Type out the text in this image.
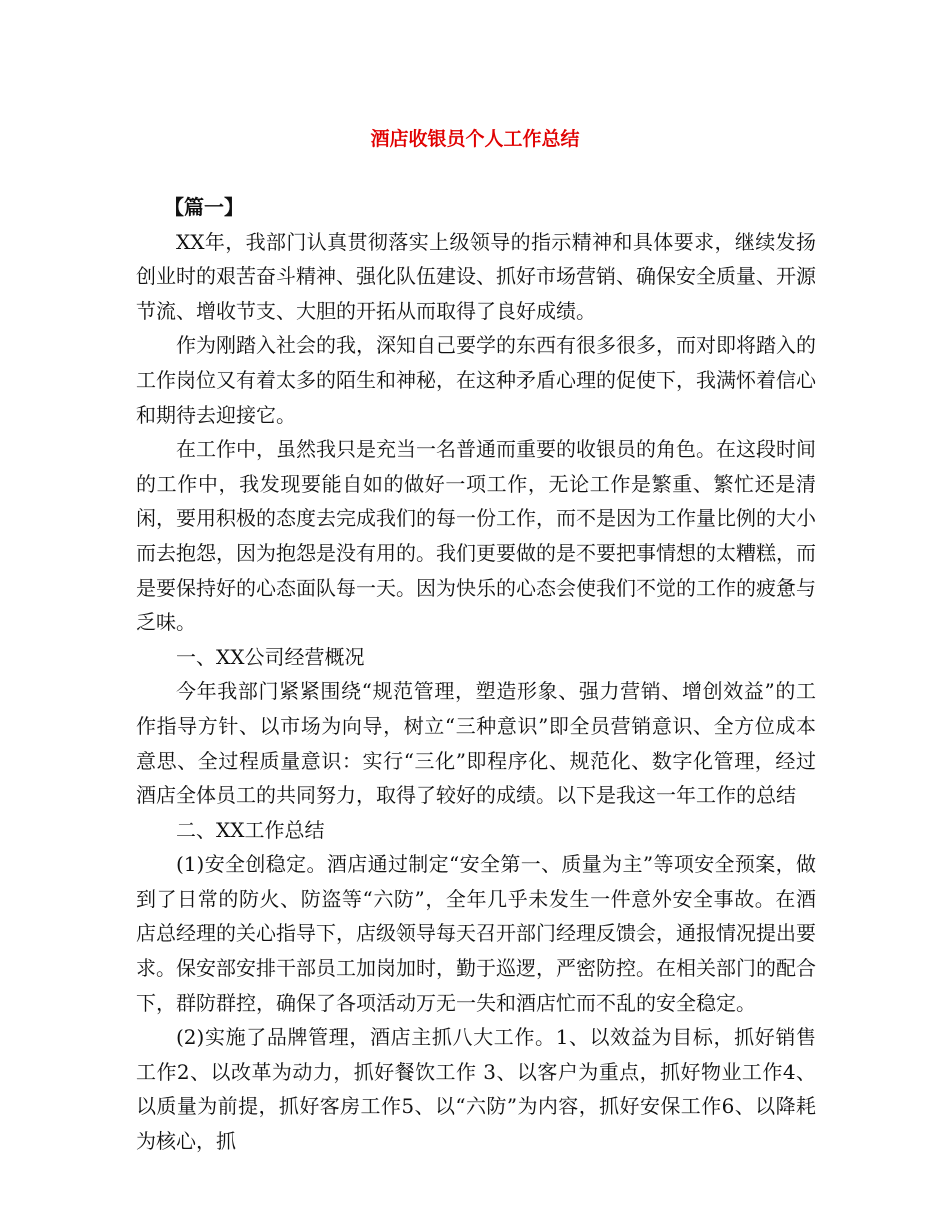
酒店收银员个人工作总结

【篇一】

XX年，我部门认真贯彻落实上级领导的指示精神和具体要求，继续发扬创业时的艰苦奋斗精神、强化队伍建设、抓好市场营销、确保安全质量、开源节流、增收节支、大胆的开拓从而取得了良好成绩。

作为刚踏入社会的我，深知自己要学的东西有很多很多，而对即将踏入的工作岗位又有着太多的陌生和神秘，在这种矛盾心理的促使下，我满怀着信心和期待去迎接它。

在工作中，虽然我只是充当一名普通而重要的收银员的角色。在这段时间的工作中，我发现要能自如的做好一项工作，无论工作是繁重、繁忙还是清闲，要用积极的态度去完成我们的每一份工作，而不是因为工作量比例的大小而去抱怨，因为抱怨是没有用的。我们更要做的是不要把事情想的太糟糕，而是要保持好的心态面队每一天。因为快乐的心态会使我们不觉的工作的疲惫与乏味。

一、XX公司经营概况

今年我部门紧紧围绕“规范管理，塑造形象、强力营销、增创效益”的工作指导方针、以市场为向导，树立“三种意识”即全员营销意识、全方位成本意思、全过程质量意识：实行“三化”即程序化、规范化、数字化管理，经过酒店全体员工的共同努力，取得了较好的成绩。以下是我这一年工作的总结

二、XX工作总结

(1)安全创稳定。酒店通过制定“安全第一、质量为主”等项安全预案，做到了日常的防火、防盗等“六防”，全年几乎未发生一件意外安全事故。在酒店总经理的关心指导下，店级领导每天召开部门经理反馈会，通报情况提出要求。保安部安排干部员工加岗加时，勤于巡逻，严密防控。在相关部门的配合下，群防群控，确保了各项活动万无一失和酒店忙而不乱的安全稳定。

(2)实施了品牌管理，酒店主抓八大工作。1、以效益为目标，抓好销售工作2、以改革为动力，抓好餐饮工作 3、以客户为重点，抓好物业工作4、以质量为前提，抓好客房工作5、以“六防”为内容，抓好安保工作6、以降耗为核心，抓
